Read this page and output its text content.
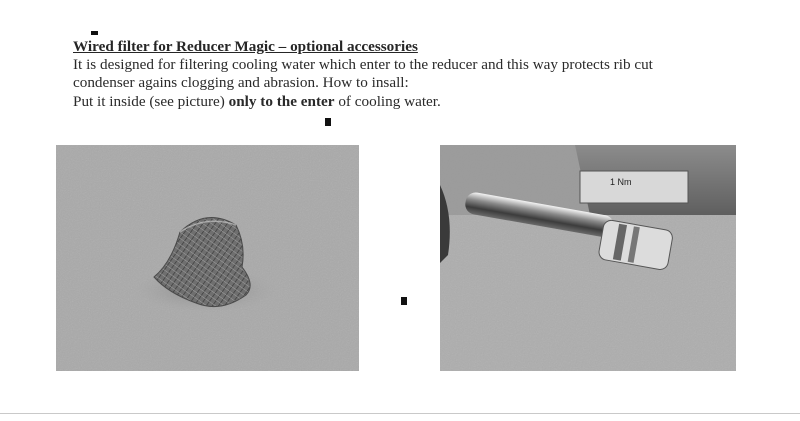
Wired filter for Reducer Magic – optional accessories
It is designed for filtering cooling water which enter to the reducer and this way protects rib cut
condenser agains clogging and abrasion. How to insall:
Put it inside (see picture) only to the enter of cooling water.
1 Nm
